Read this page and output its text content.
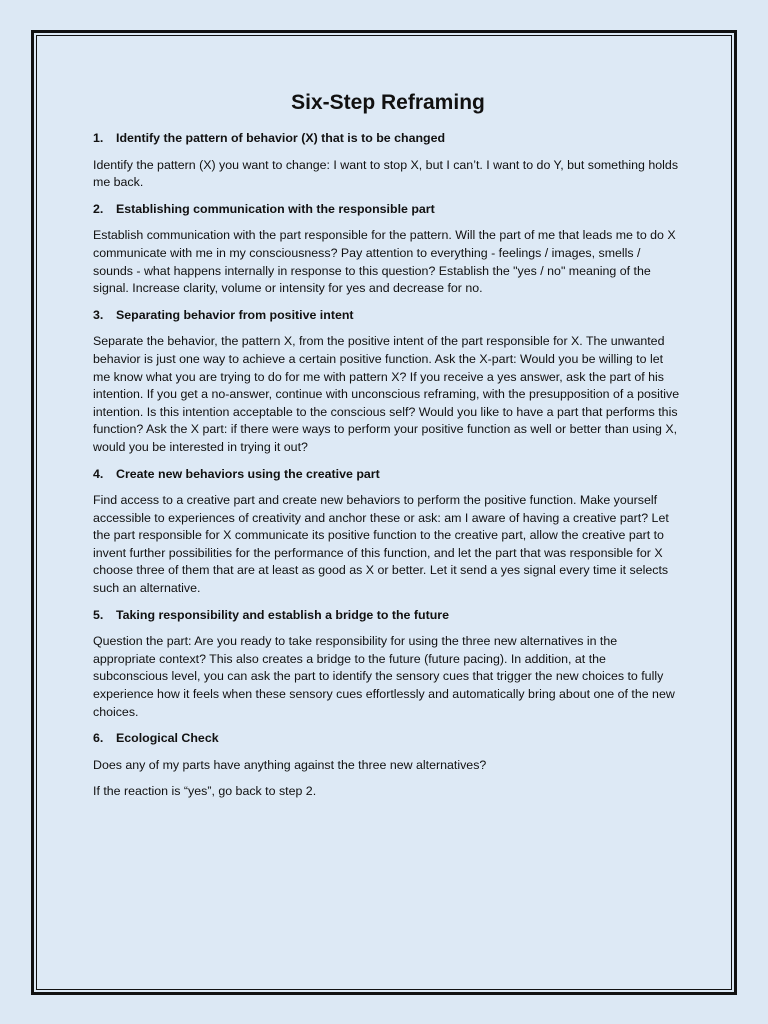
Six-Step Reframing
1.	Identify the pattern of behavior (X) that is to be changed

Identify the pattern (X) you want to change: I want to stop X, but I can’t. I want to do Y, but something holds me back.

2.	Establishing communication with the responsible part

Establish communication with the part responsible for the pattern. Will the part of me that leads me to do X communicate with me in my consciousness? Pay attention to everything - feelings / images, smells / sounds - what happens internally in response to this question? Establish the "yes / no" meaning of the signal. Increase clarity, volume or intensity for yes and decrease for no.

3.	Separating behavior from positive intent

Separate the behavior, the pattern X, from the positive intent of the part responsible for X. The unwanted behavior is just one way to achieve a certain positive function. Ask the X-part: Would you be willing to let me know what you are trying to do for me with pattern X? If you receive a yes answer, ask the part of his intention. If you get a no-answer, continue with unconscious reframing, with the presupposition of a positive intention. Is this intention acceptable to the conscious self? Would you like to have a part that performs this function? Ask the X part: if there were ways to perform your positive function as well or better than using X, would you be interested in trying it out?

4.	Create new behaviors using the creative part

Find access to a creative part and create new behaviors to perform the positive function. Make yourself accessible to experiences of creativity and anchor these or ask: am I aware of having a creative part? Let the part responsible for X communicate its positive function to the creative part, allow the creative part to invent further possibilities for the performance of this function, and let the part that was responsible for X choose three of them that are at least as good as X or better. Let it send a yes signal every time it selects such an alternative.

5.	Taking responsibility and establish a bridge to the future

Question the part: Are you ready to take responsibility for using the three new alternatives in the appropriate context? This also creates a bridge to the future (future pacing). In addition, at the subconscious level, you can ask the part to identify the sensory cues that trigger the new choices to fully experience how it feels when these sensory cues effortlessly and automatically bring about one of the new choices.

6.	Ecological Check

Does any of my parts have anything against the three new alternatives?

If the reaction is “yes”, go back to step 2.
